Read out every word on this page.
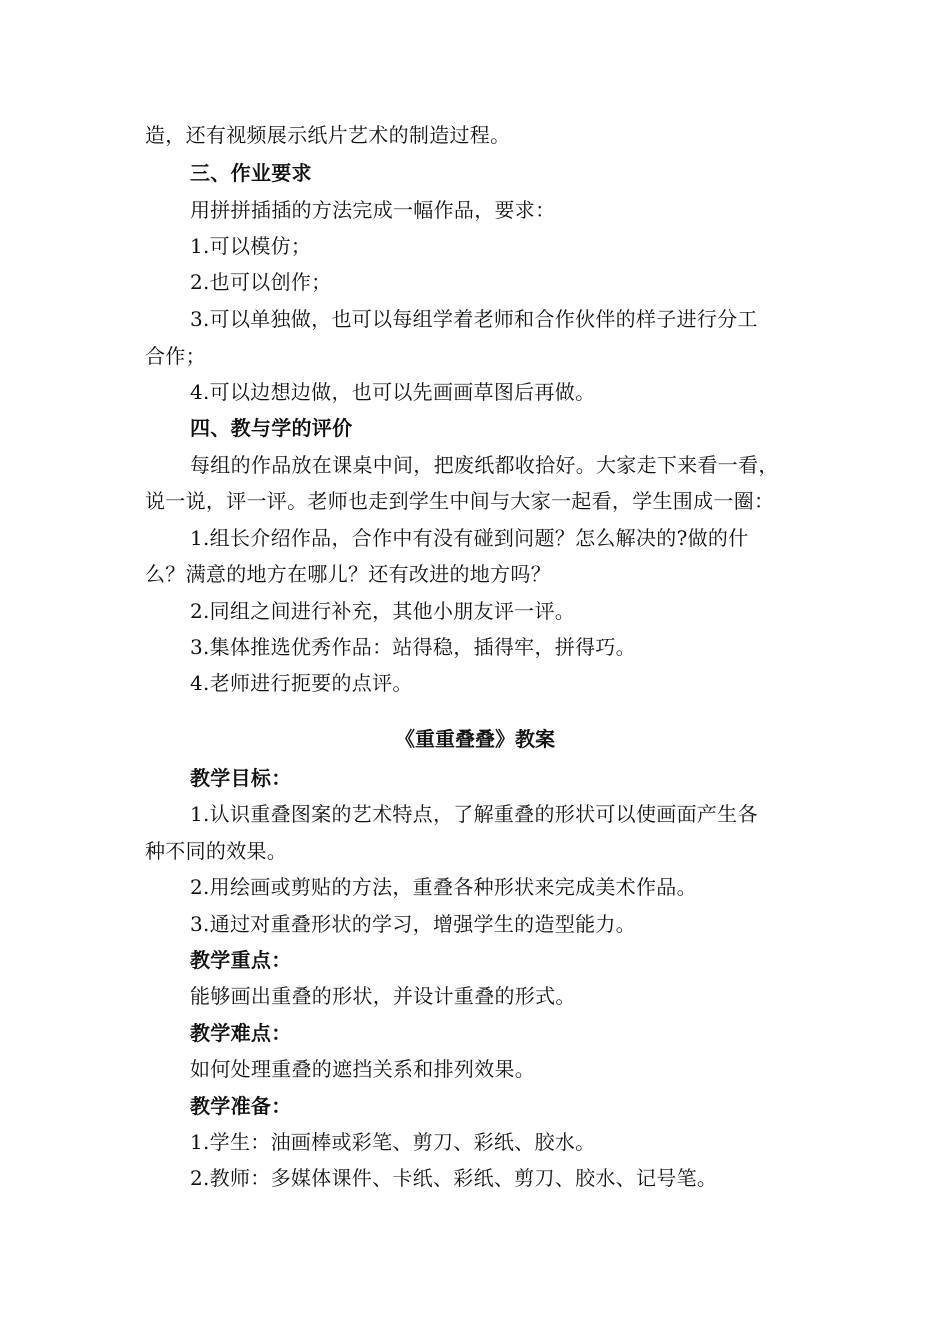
造，还有视频展示纸片艺术的制造过程。
三、作业要求
用拼拼插插的方法完成一幅作品，要求：
1.可以模仿；
2.也可以创作；
3.可以单独做，也可以每组学着老师和合作伙伴的样子进行分工
合作；
4.可以边想边做，也可以先画画草图后再做。
四、教与学的评价
每组的作品放在课桌中间，把废纸都收拾好。大家走下来看一看，
说一说，评一评。老师也走到学生中间与大家一起看，学生围成一圈：
1.组长介绍作品，合作中有没有碰到问题？怎么解决的?做的什
么？满意的地方在哪儿？还有改进的地方吗？
2.同组之间进行补充，其他小朋友评一评。
3.集体推选优秀作品：站得稳，插得牢，拼得巧。
4.老师进行扼要的点评。
《重重叠叠》教案
教学目标：
1.认识重叠图案的艺术特点，了解重叠的形状可以使画面产生各
种不同的效果。
2.用绘画或剪贴的方法，重叠各种形状来完成美术作品。
3.通过对重叠形状的学习，增强学生的造型能力。
教学重点：
能够画出重叠的形状，并设计重叠的形式。
教学难点：
如何处理重叠的遮挡关系和排列效果。
教学准备：
1.学生：油画棒或彩笔、剪刀、彩纸、胶水。
2.教师：多媒体课件、卡纸、彩纸、剪刀、胶水、记号笔。
